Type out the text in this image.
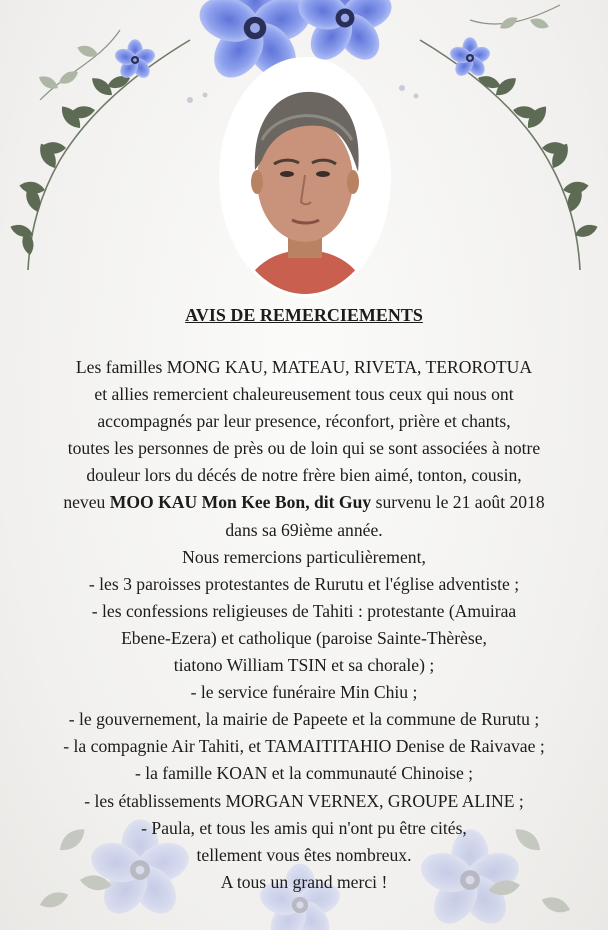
AVIS DE REMERCIEMENTS
Les familles MONG KAU, MATEAU, RIVETA, TEROROTUA
et allies remercient chaleureusement tous ceux qui nous ont
accompagnés par leur presence, réconfort, prière et chants,
toutes les personnes de près ou de loin qui se sont associées à notre
douleur lors du décés de notre frère bien aimé, tonton, cousin,
neveu MOO KAU Mon Kee Bon, dit Guy survenu le 21 août 2018
dans sa 69ième année.
Nous remercions particulièrement,
- les 3 paroisses protestantes de Rurutu et l'église adventiste ;
- les confessions religieuses de Tahiti : protestante (Amuiraa
Ebene-Ezera) et catholique (paroise Sainte-Thèrèse,
tiatono William TSIN et sa chorale) ;
- le service funéraire Min Chiu ;
- le gouvernement, la mairie de Papeete et la commune de Rurutu ;
- la compagnie Air Tahiti, et TAMAITITAHIO Denise de Raivavae ;
- la famille KOAN et la communauté Chinoise ;
- les établissements MORGAN VERNEX, GROUPE ALINE ;
- Paula, et tous les amis qui n'ont pu être cités,
tellement vous êtes nombreux.
A tous un grand merci !
